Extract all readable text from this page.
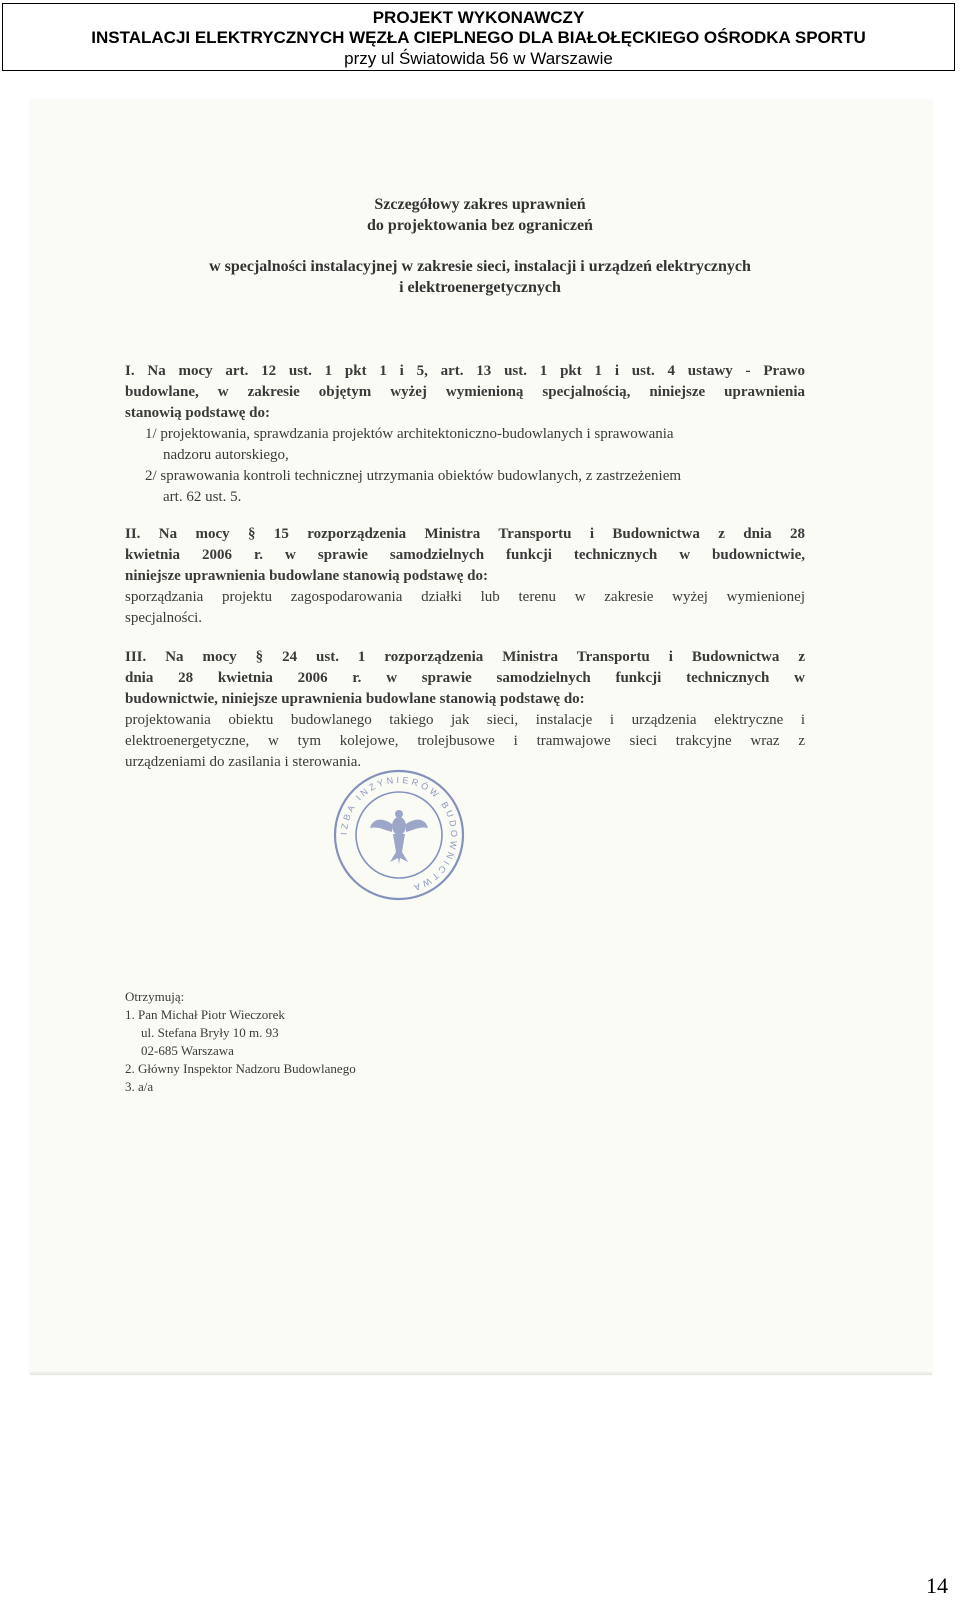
PROJEKT WYKONAWCZY
INSTALACJI ELEKTRYCZNYCH WĘZŁA CIEPLNEGO DLA BIAŁOŁĘCKIEGO OŚRODKA SPORTU
przy ul Światowida 56 w Warszawie
Szczegółowy zakres uprawnień
do projektowania bez ograniczeń
w specjalności instalacyjnej w zakresie sieci, instalacji i urządzeń elektrycznych
i elektroenergetycznych
I. Na mocy art. 12 ust. 1 pkt 1 i 5, art. 13 ust. 1 pkt 1 i ust. 4 ustawy - Prawo
budowlane, w zakresie objętym wyżej wymienioną specjalnością, niniejsze uprawnienia
stanowią podstawę do:
1/ projektowania, sprawdzania projektów architektoniczno-budowlanych i sprawowania
nadzoru autorskiego,
2/ sprawowania kontroli technicznej utrzymania obiektów budowlanych, z zastrzeżeniem
art. 62 ust. 5.
II. Na mocy § 15 rozporządzenia Ministra Transportu i Budownictwa z dnia 28
kwietnia 2006 r. w sprawie samodzielnych funkcji technicznych w budownictwie,
niniejsze uprawnienia budowlane stanowią podstawę do:
sporządzania projektu zagospodarowania działki lub terenu w zakresie wyżej wymienionej
specjalności.
III. Na mocy § 24 ust. 1 rozporządzenia Ministra Transportu i Budownictwa z
dnia 28 kwietnia 2006 r. w sprawie samodzielnych funkcji technicznych w
budownictwie, niniejsze uprawnienia budowlane stanowią podstawę do:
projektowania obiektu budowlanego takiego jak sieci, instalacje i urządzenia elektryczne i
elektroenergetyczne, w tym kolejowe, trolejbusowe i tramwajowe sieci trakcyjne wraz z
urządzeniami do zasilania i sterowania.
IZBA INŻYNIERÓW BUDOWNICTWA
Otrzymują:
1. Pan Michał Piotr Wieczorek
ul. Stefana Bryły 10 m. 93
02-685 Warszawa
2. Główny Inspektor Nadzoru Budowlanego
3. a/a
14
